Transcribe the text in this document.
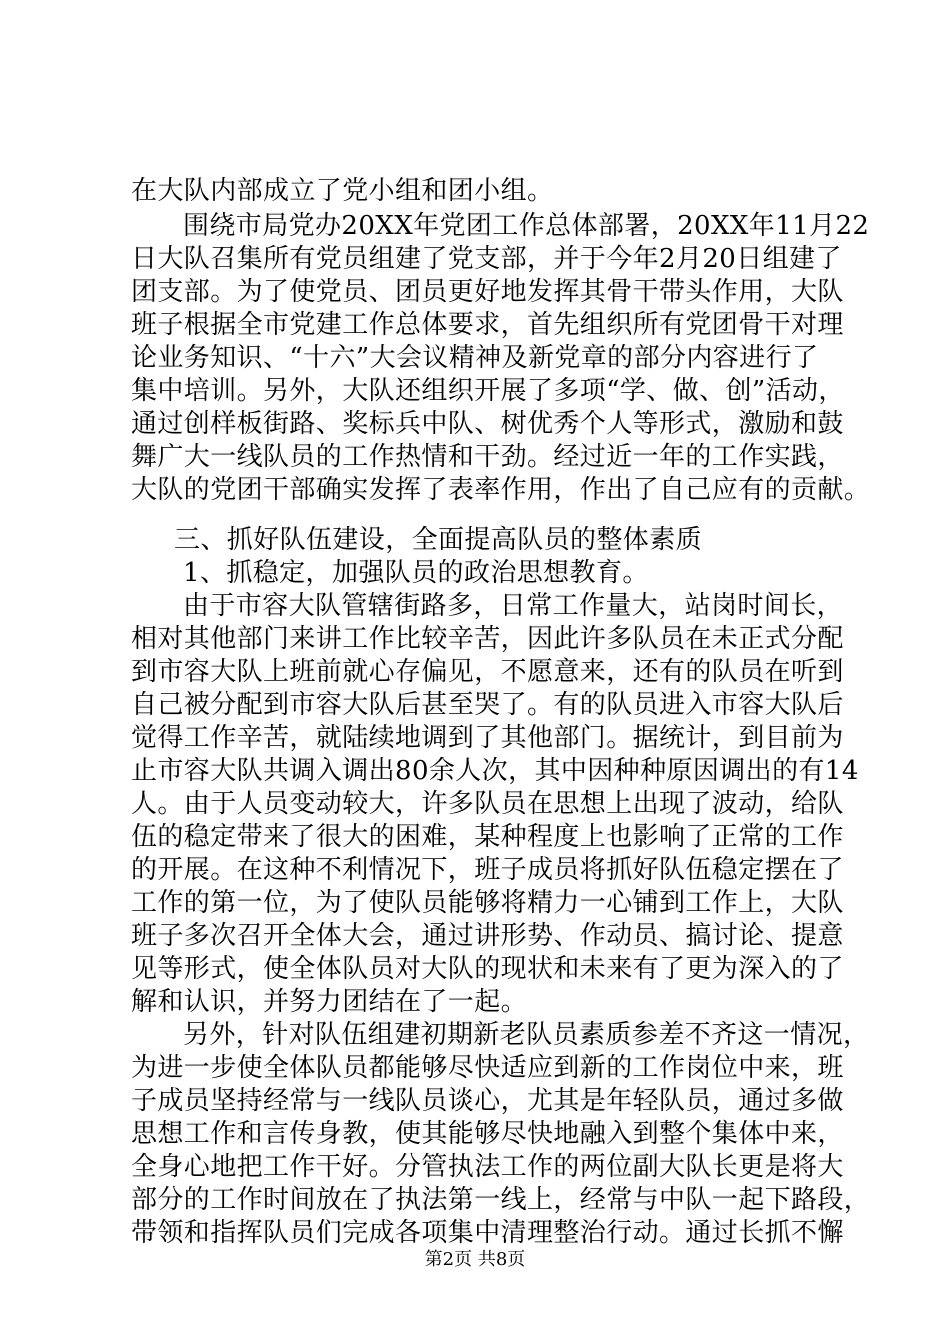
在大队内部成立了党小组和团小组。
围绕市局党办20XX年党团工作总体部署，20XX年11月22
日大队召集所有党员组建了党支部，并于今年2月20日组建了
团支部。为了使党员、团员更好地发挥其骨干带头作用，大队
班子根据全市党建工作总体要求，首先组织所有党团骨干对理
论业务知识、“十六”大会议精神及新党章的部分内容进行了
集中培训。另外，大队还组织开展了多项“学、做、创”活动，
通过创样板街路、奖标兵中队、树优秀个人等形式，激励和鼓
舞广大一线队员的工作热情和干劲。经过近一年的工作实践，
大队的党团干部确实发挥了表率作用，作出了自己应有的贡献。
三、抓好队伍建设，全面提高队员的整体素质
1、抓稳定，加强队员的政治思想教育。
由于市容大队管辖街路多，日常工作量大，站岗时间长，
相对其他部门来讲工作比较辛苦，因此许多队员在未正式分配
到市容大队上班前就心存偏见，不愿意来，还有的队员在听到
自己被分配到市容大队后甚至哭了。有的队员进入市容大队后
觉得工作辛苦，就陆续地调到了其他部门。据统计，到目前为
止市容大队共调入调出80余人次，其中因种种原因调出的有14
人。由于人员变动较大，许多队员在思想上出现了波动，给队
伍的稳定带来了很大的困难，某种程度上也影响了正常的工作
的开展。在这种不利情况下，班子成员将抓好队伍稳定摆在了
工作的第一位，为了使队员能够将精力一心铺到工作上，大队
班子多次召开全体大会，通过讲形势、作动员、搞讨论、提意
见等形式，使全体队员对大队的现状和未来有了更为深入的了
解和认识，并努力团结在了一起。
另外，针对队伍组建初期新老队员素质参差不齐这一情况，
为进一步使全体队员都能够尽快适应到新的工作岗位中来，班
子成员坚持经常与一线队员谈心，尤其是年轻队员，通过多做
思想工作和言传身教，使其能够尽快地融入到整个集体中来，
全身心地把工作干好。分管执法工作的两位副大队长更是将大
部分的工作时间放在了执法第一线上，经常与中队一起下路段，
带领和指挥队员们完成各项集中清理整治行动。通过长抓不懈
第2页 共8页
